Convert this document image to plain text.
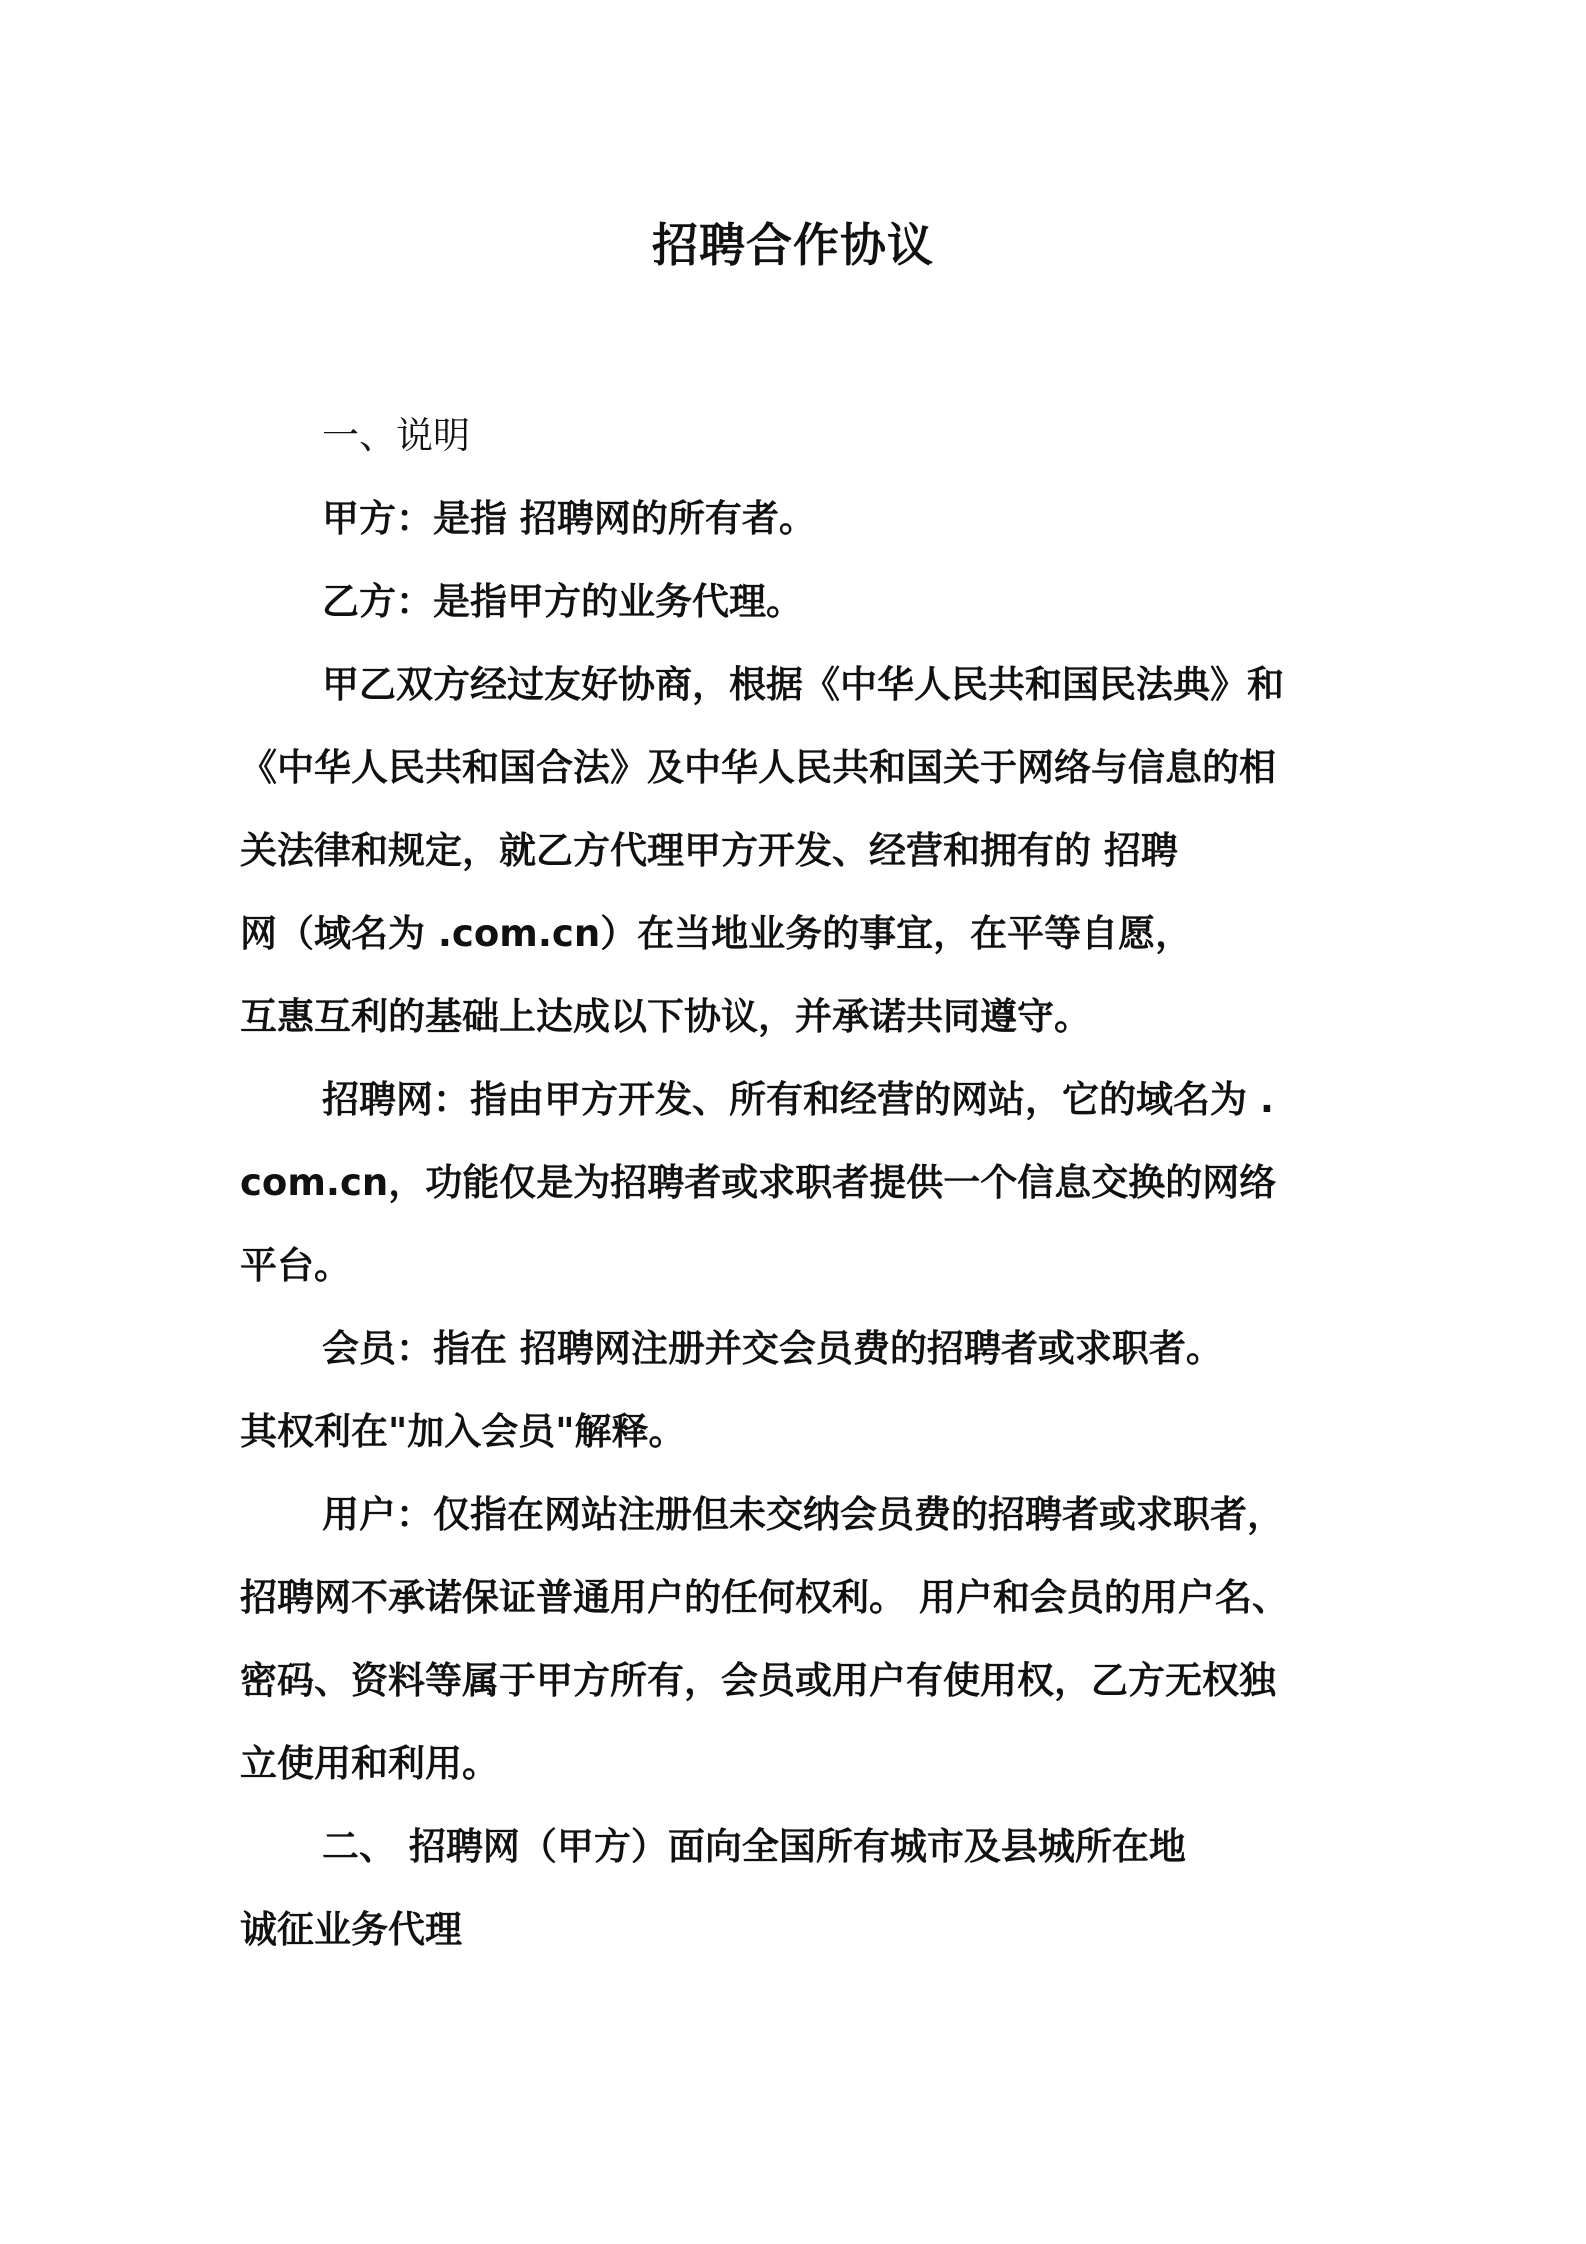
招聘合作协议

一、说明

甲方：是指 招聘网的所有者。

乙方：是指甲方的业务代理。

甲乙双方经过友好协商，根据《中华人民共和国民法典》和

《中华人民共和国合法》及中华人民共和国关于网络与信息的相

关法律和规定，就乙方代理甲方开发、经营和拥有的 招聘

网（域名为 .com.cn）在当地业务的事宜，在平等自愿，

互惠互利的基础上达成以下协议，并承诺共同遵守。

招聘网：指由甲方开发、所有和经营的网站，它的域名为 .

com.cn，功能仅是为招聘者或求职者提供一个信息交换的网络

平台。

会员：指在 招聘网注册并交会员费的招聘者或求职者。

其权利在"加入会员"解释。

用户：仅指在网站注册但未交纳会员费的招聘者或求职者，

招聘网不承诺保证普通用户的任何权利。 用户和会员的用户名、

密码、资料等属于甲方所有，会员或用户有使用权，乙方无权独

立使用和利用。

二、 招聘网（甲方）面向全国所有城市及县城所在地

诚征业务代理
